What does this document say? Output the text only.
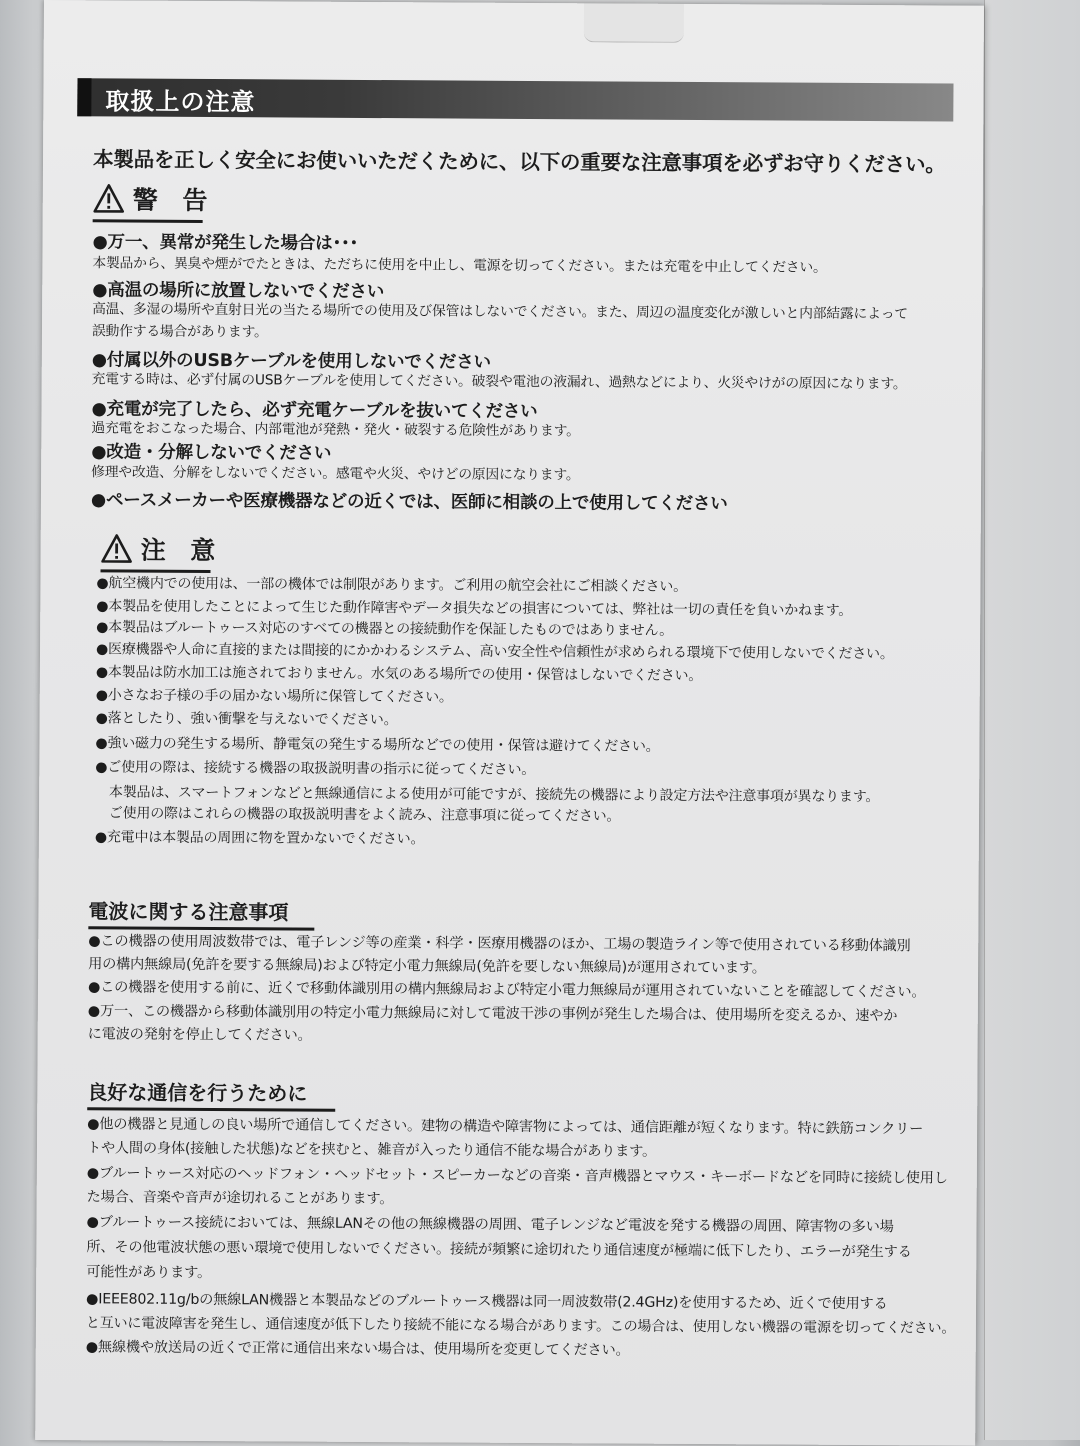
取扱上の注意
本製品を正しく安全にお使いいただくために、以下の重要な注意事項を必ずお守りください。
警 告
●万一、異常が発生した場合は･･･
本製品から、異臭や煙がでたときは、ただちに使用を中止し、電源を切ってください。または充電を中止してください。
●高温の場所に放置しないでください
高温、多湿の場所や直射日光の当たる場所での使用及び保管はしないでください。また、周辺の温度変化が激しいと内部結露によって
誤動作する場合があります。
●付属以外のUSBケーブルを使用しないでください
充電する時は、必ず付属のUSBケーブルを使用してください。破裂や電池の液漏れ、過熱などにより、火災やけがの原因になります。
●充電が完了したら、必ず充電ケーブルを抜いてください
過充電をおこなった場合、内部電池が発熱・発火・破裂する危険性があります。
●改造・分解しないでください
修理や改造、分解をしないでください。感電や火災、やけどの原因になります。
●ペースメーカーや医療機器などの近くでは、医師に相談の上で使用してください
注 意
●航空機内での使用は、一部の機体では制限があります。ご利用の航空会社にご相談ください。
●本製品を使用したことによって生じた動作障害やデータ損失などの損害については、弊社は一切の責任を負いかねます。
●本製品はブルートゥース対応のすべての機器との接続動作を保証したものではありません。
●医療機器や人命に直接的または間接的にかかわるシステム、高い安全性や信頼性が求められる環境下で使用しないでください。
●本製品は防水加工は施されておりません。水気のある場所での使用・保管はしないでください。
●小さなお子様の手の届かない場所に保管してください。
●落としたり、強い衝撃を与えないでください。
●強い磁力の発生する場所、静電気の発生する場所などでの使用・保管は避けてください。
●ご使用の際は、接続する機器の取扱説明書の指示に従ってください。
　本製品は、スマートフォンなどと無線通信による使用が可能ですが、接続先の機器により設定方法や注意事項が異なります。
　ご使用の際はこれらの機器の取扱説明書をよく読み、注意事項に従ってください。
●充電中は本製品の周囲に物を置かないでください。
電波に関する注意事項
●この機器の使用周波数帯では、電子レンジ等の産業・科学・医療用機器のほか、工場の製造ライン等で使用されている移動体識別
用の構内無線局(免許を要する無線局)および特定小電力無線局(免許を要しない無線局)が運用されています。
●この機器を使用する前に、近くで移動体識別用の構内無線局および特定小電力無線局が運用されていないことを確認してください。
●万一、この機器から移動体識別用の特定小電力無線局に対して電波干渉の事例が発生した場合は、使用場所を変えるか、速やか
に電波の発射を停止してください。
良好な通信を行うために
●他の機器と見通しの良い場所で通信してください。建物の構造や障害物によっては、通信距離が短くなります。特に鉄筋コンクリー
トや人間の身体(接触した状態)などを挟むと、雑音が入ったり通信不能な場合があります。
●ブルートゥース対応のヘッドフォン・ヘッドセット・スピーカーなどの音楽・音声機器とマウス・キーボードなどを同時に接続し使用し
た場合、音楽や音声が途切れることがあります。
●ブルートゥース接続においては、無線LANその他の無線機器の周囲、電子レンジなど電波を発する機器の周囲、障害物の多い場
所、その他電波状態の悪い環境で使用しないでください。接続が頻繁に途切れたり通信速度が極端に低下したり、エラーが発生する
可能性があります。
●IEEE802.11g/bの無線LAN機器と本製品などのブルートゥース機器は同一周波数帯(2.4GHz)を使用するため、近くで使用する
と互いに電波障害を発生し、通信速度が低下したり接続不能になる場合があります。この場合は、使用しない機器の電源を切ってください。
●無線機や放送局の近くで正常に通信出来ない場合は、使用場所を変更してください。
